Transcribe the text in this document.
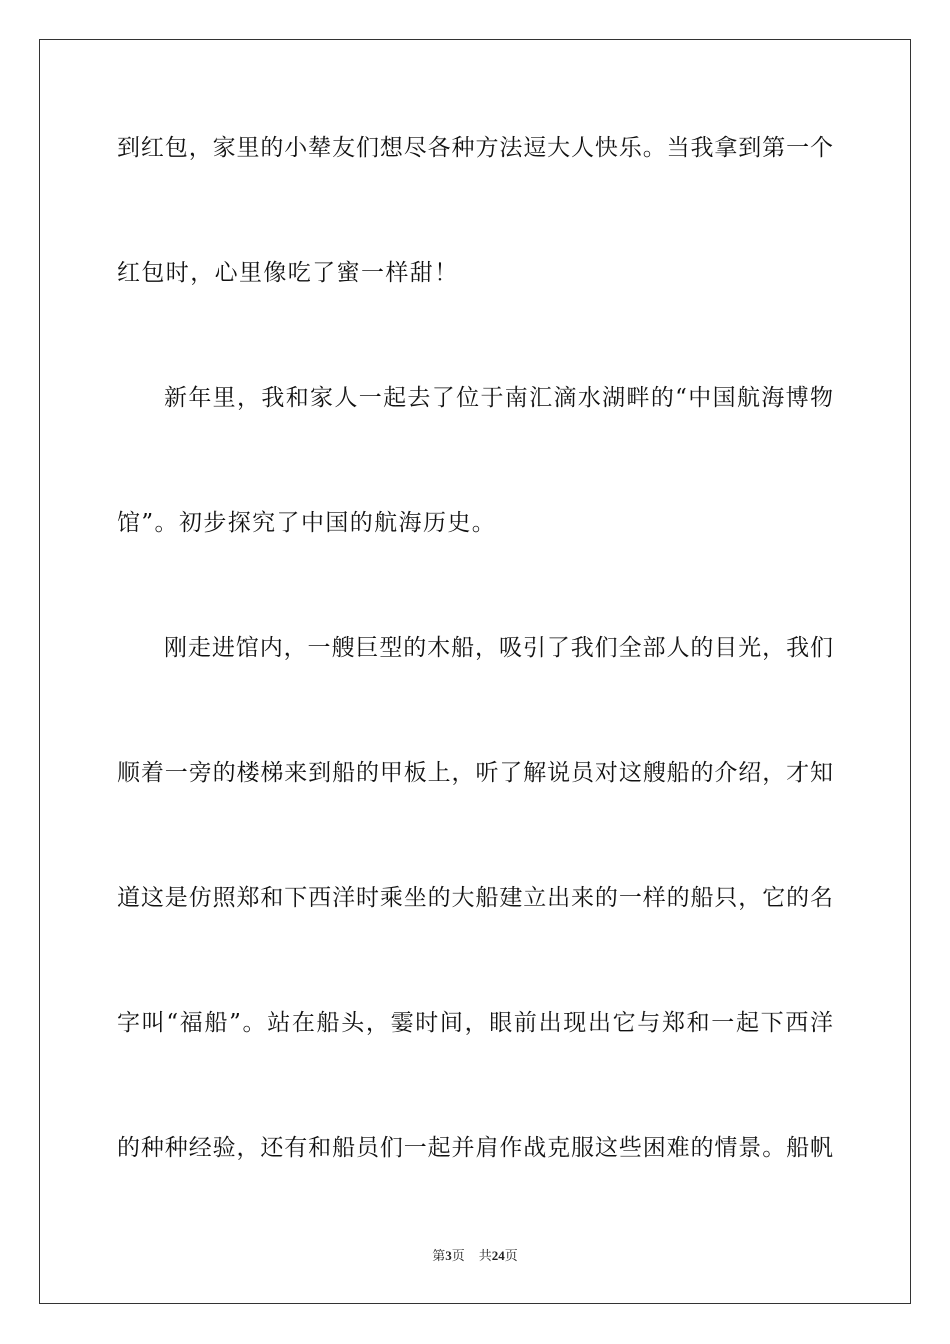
到红包，家里的小辇友们想尽各种方法逗大人快乐。当我拿到第一个
红包时，心里像吃了蜜一样甜！
新年里，我和家人一起去了位于南汇滴水湖畔的“中国航海博物
馆”。初步探究了中国的航海历史。
刚走进馆内，一艘巨型的木船，吸引了我们全部人的目光，我们
顺着一旁的楼梯来到船的甲板上，听了解说员对这艘船的介绍，才知
道这是仿照郑和下西洋时乘坐的大船建立出来的一样的船只，它的名
字叫“福船”。站在船头，霎时间，眼前出现出它与郑和一起下西洋
的种种经验，还有和船员们一起并肩作战克服这些困难的情景。船帆
第3页 共24页
